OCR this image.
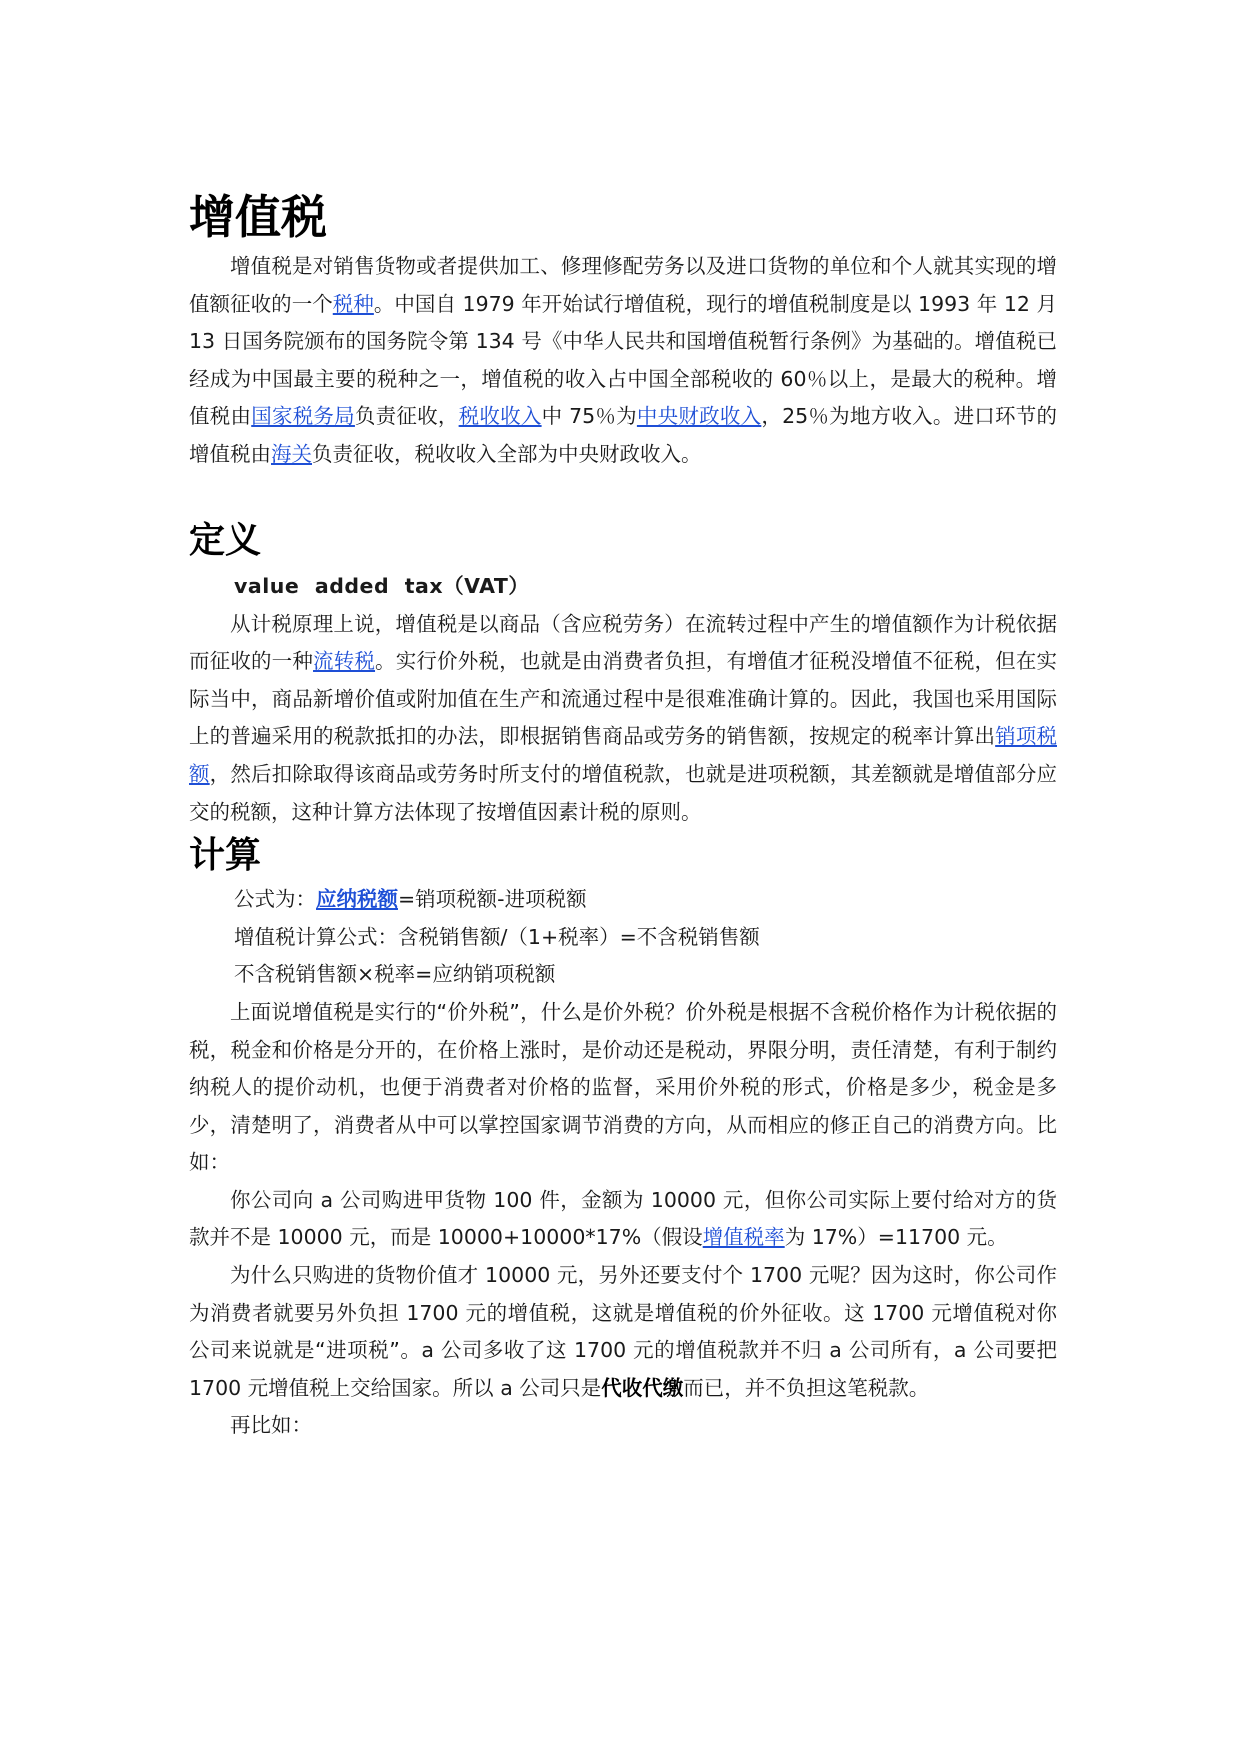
增值税

增值税是对销售货物或者提供加工、修理修配劳务以及进口货物的单位和个人就其实现的增值额征收的一个税种。中国自 1979 年开始试行增值税，现行的增值税制度是以 1993 年 12 月 13 日国务院颁布的国务院令第 134 号《中华人民共和国增值税暂行条例》为基础的。增值税已经成为中国最主要的税种之一，增值税的收入占中国全部税收的 60％以上，是最大的税种。增值税由国家税务局负责征收，税收收入中 75％为中央财政收入，25％为地方收入。进口环节的增值税由海关负责征收，税收收入全部为中央财政收入。

定义

value added tax（VAT）

从计税原理上说，增值税是以商品（含应税劳务）在流转过程中产生的增值额作为计税依据而征收的一种流转税。实行价外税，也就是由消费者负担，有增值才征税没增值不征税，但在实际当中，商品新增价值或附加值在生产和流通过程中是很难准确计算的。因此，我国也采用国际上的普遍采用的税款抵扣的办法，即根据销售商品或劳务的销售额，按规定的税率计算出销项税额，然后扣除取得该商品或劳务时所支付的增值税款，也就是进项税额，其差额就是增值部分应交的税额，这种计算方法体现了按增值因素计税的原则。

计算

公式为：应纳税额=销项税额-进项税额

增值税计算公式：含税销售额/（1+税率）=不含税销售额

不含税销售额×税率=应纳销项税额

上面说增值税是实行的“价外税”，什么是价外税？价外税是根据不含税价格作为计税依据的税，税金和价格是分开的，在价格上涨时，是价动还是税动，界限分明，责任清楚，有利于制约纳税人的提价动机，也便于消费者对价格的监督，采用价外税的形式，价格是多少，税金是多少，清楚明了，消费者从中可以掌控国家调节消费的方向，从而相应的修正自己的消费方向。比如：

你公司向 a 公司购进甲货物 100 件，金额为 10000 元，但你公司实际上要付给对方的货款并不是 10000 元，而是 10000+10000*17%（假设增值税率为 17%）=11700 元。

为什么只购进的货物价值才 10000 元，另外还要支付个 1700 元呢？因为这时，你公司作为消费者就要另外负担 1700 元的增值税，这就是增值税的价外征收。这 1700 元增值税对你公司来说就是“进项税”。a 公司多收了这 1700 元的增值税款并不归 a 公司所有，a 公司要把 1700 元增值税上交给国家。所以 a 公司只是代收代缴而已，并不负担这笔税款。

再比如：
